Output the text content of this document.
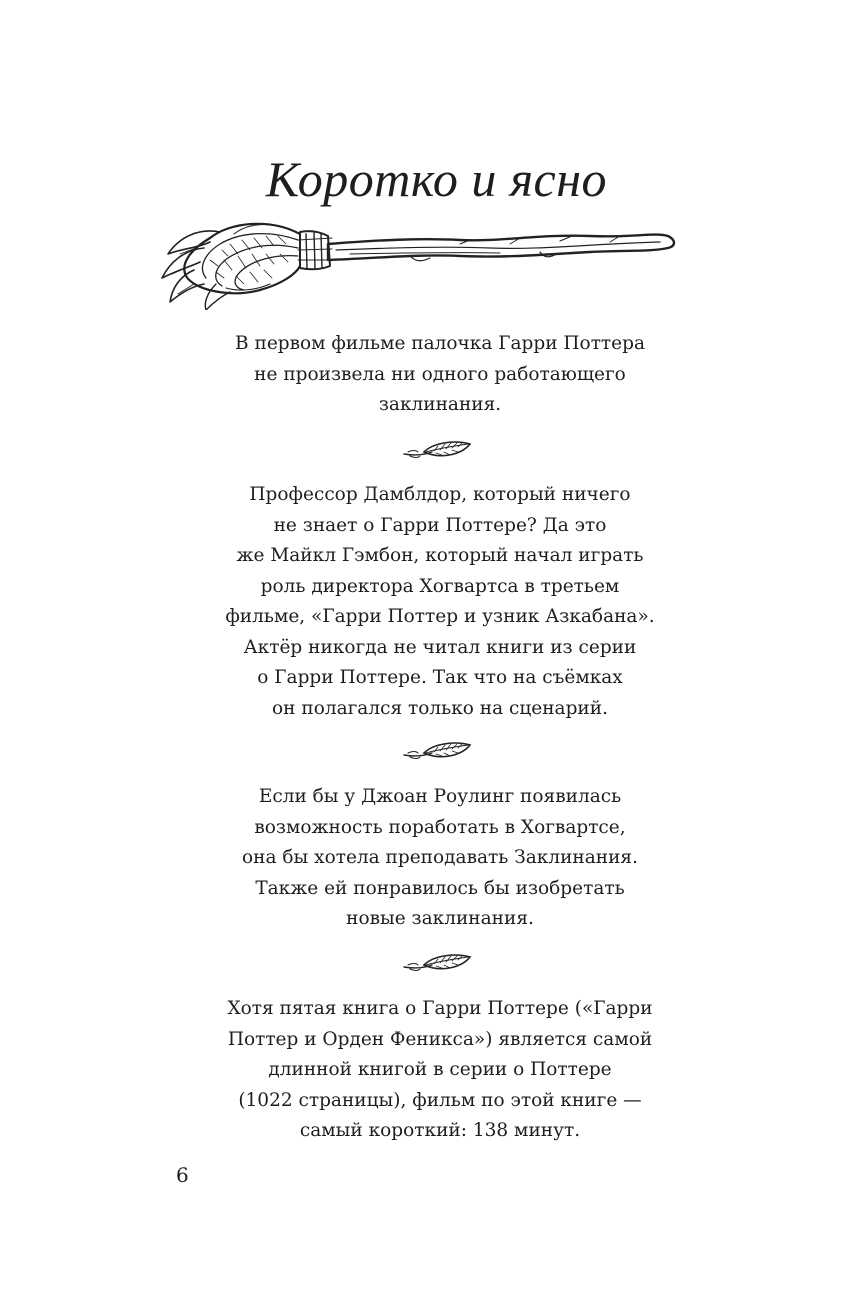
Коротко и ясно

В первом фильме палочка Гарри Поттера
не произвела ни одного работающего
заклинания.

Профессор Дамблдор, который ничего
не знает о Гарри Поттере? Да это
же Майкл Гэмбон, который начал играть
роль директора Хогвартса в третьем
фильме, «Гарри Поттер и узник Азкабана».
Актёр никогда не читал книги из серии
о Гарри Поттере. Так что на съёмках
он полагался только на сценарий.

Если бы у Джоан Роулинг появилась
возможность поработать в Хогвартсе,
она бы хотела преподавать Заклинания.
Также ей понравилось бы изобретать
новые заклинания.

Хотя пятая книга о Гарри Поттере («Гарри
Поттер и Орден Феникса») является самой
длинной книгой в серии о Поттере
(1022 страницы), фильм по этой книге —
самый короткий: 138 минут.

6
